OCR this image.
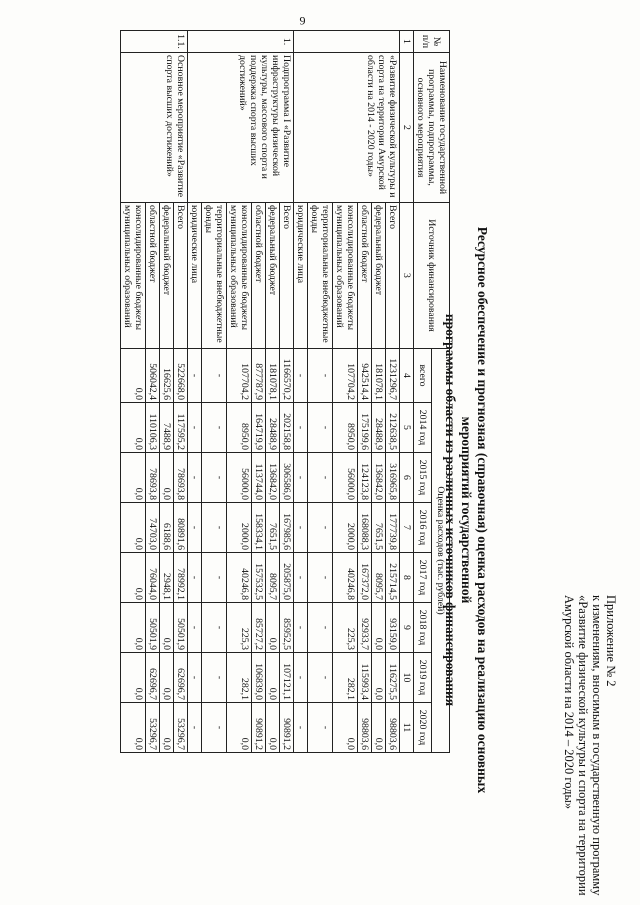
9
Приложение № 2
к изменениям, вносимым в государственную программу
«Развитие физической культуры и спорта на территории
Амурской области на 2014 – 2020 годы»
Ресурсное обеспечение и прогнозная (справочная) оценка расходов на реализацию основных мероприятий государственной
программы области из различных источников финансирования
№ п/п	Наименование государственной программы, подпрограммы, основного мероприятия	Источник финансирования	Оценка расходов (тыс. рублей)							
			всего	2014 год	2015 год	2016 год	2017 год	2018 год	2019 год	2020 год
1	2	3	4	5	6	7	8	9	10	11
	«Развитие физической культуры и спорта на территории Амурской области на 2014 - 2020 годы»	Всего	1231296,7	212638,5	316965,8	177739,8	215714,5	93159,0	116275,5	98803,6
		федеральный бюджет	181078,1	28488,9	136842,0	7651,5	8095,7	0,0	0,0	0,0
		областной бюджет	942514,4	175199,6	124123,8	168088,3	167372,0	92933,7	115993,4	98803,6
		консолидированные бюджеты муниципальных образований	107704,2	8950,0	56000,0	2000,0	40246,8	225,3	282,1	0,0
		территориальные внебюджетные фонды	-	-	-	-	-	-	-	-
		юридические лица	-	-	-	-	-	-	-	-
1.	Подпрограмма I «Развитие инфраструктуры физической культуры, массового спорта и поддержка спорта высших достижений»	Всего	1166570,2	202158,8	306586,0	167985,6	205875,0	85952,5	107121,1	90891,2
		федеральный бюджет	181078,1	28488,9	136842,0	7651,5	8095,7	0,0	0,0	0,0
		областной бюджет	877787,9	164719,9	113744,0	158334,1	157532,5	85727,2	106839,0	90891,2
		консолидированные бюджеты муниципальных образований	107704,2	8950,0	56000,0	2000,0	40246,8	225,3	282,1	0,0
		территориальные внебюджетные фонды	-	-	-	-	-	-	-	-
		юридические лица	-	-	-	-	-	-	-	-
1.1.	Основное мероприятие «Развитие спорта высших достижений»	Всего	522668,0	117595,2	78693,8	80891,6	78992,1	50501,9	62696,7	53296,7
		федеральный бюджет	16625,6	7488,9	0,0	6188,6	2948,1	0,0	0,0	0,0
		областной бюджет	506042,4	110106,3	78693,8	74703,0	76044,0	50501,9	62696,7	53296,7
		консолидированные бюджеты муниципальных образований	0,0	0,0	0,0	0,0	0,0	0,0	0,0	0,0
